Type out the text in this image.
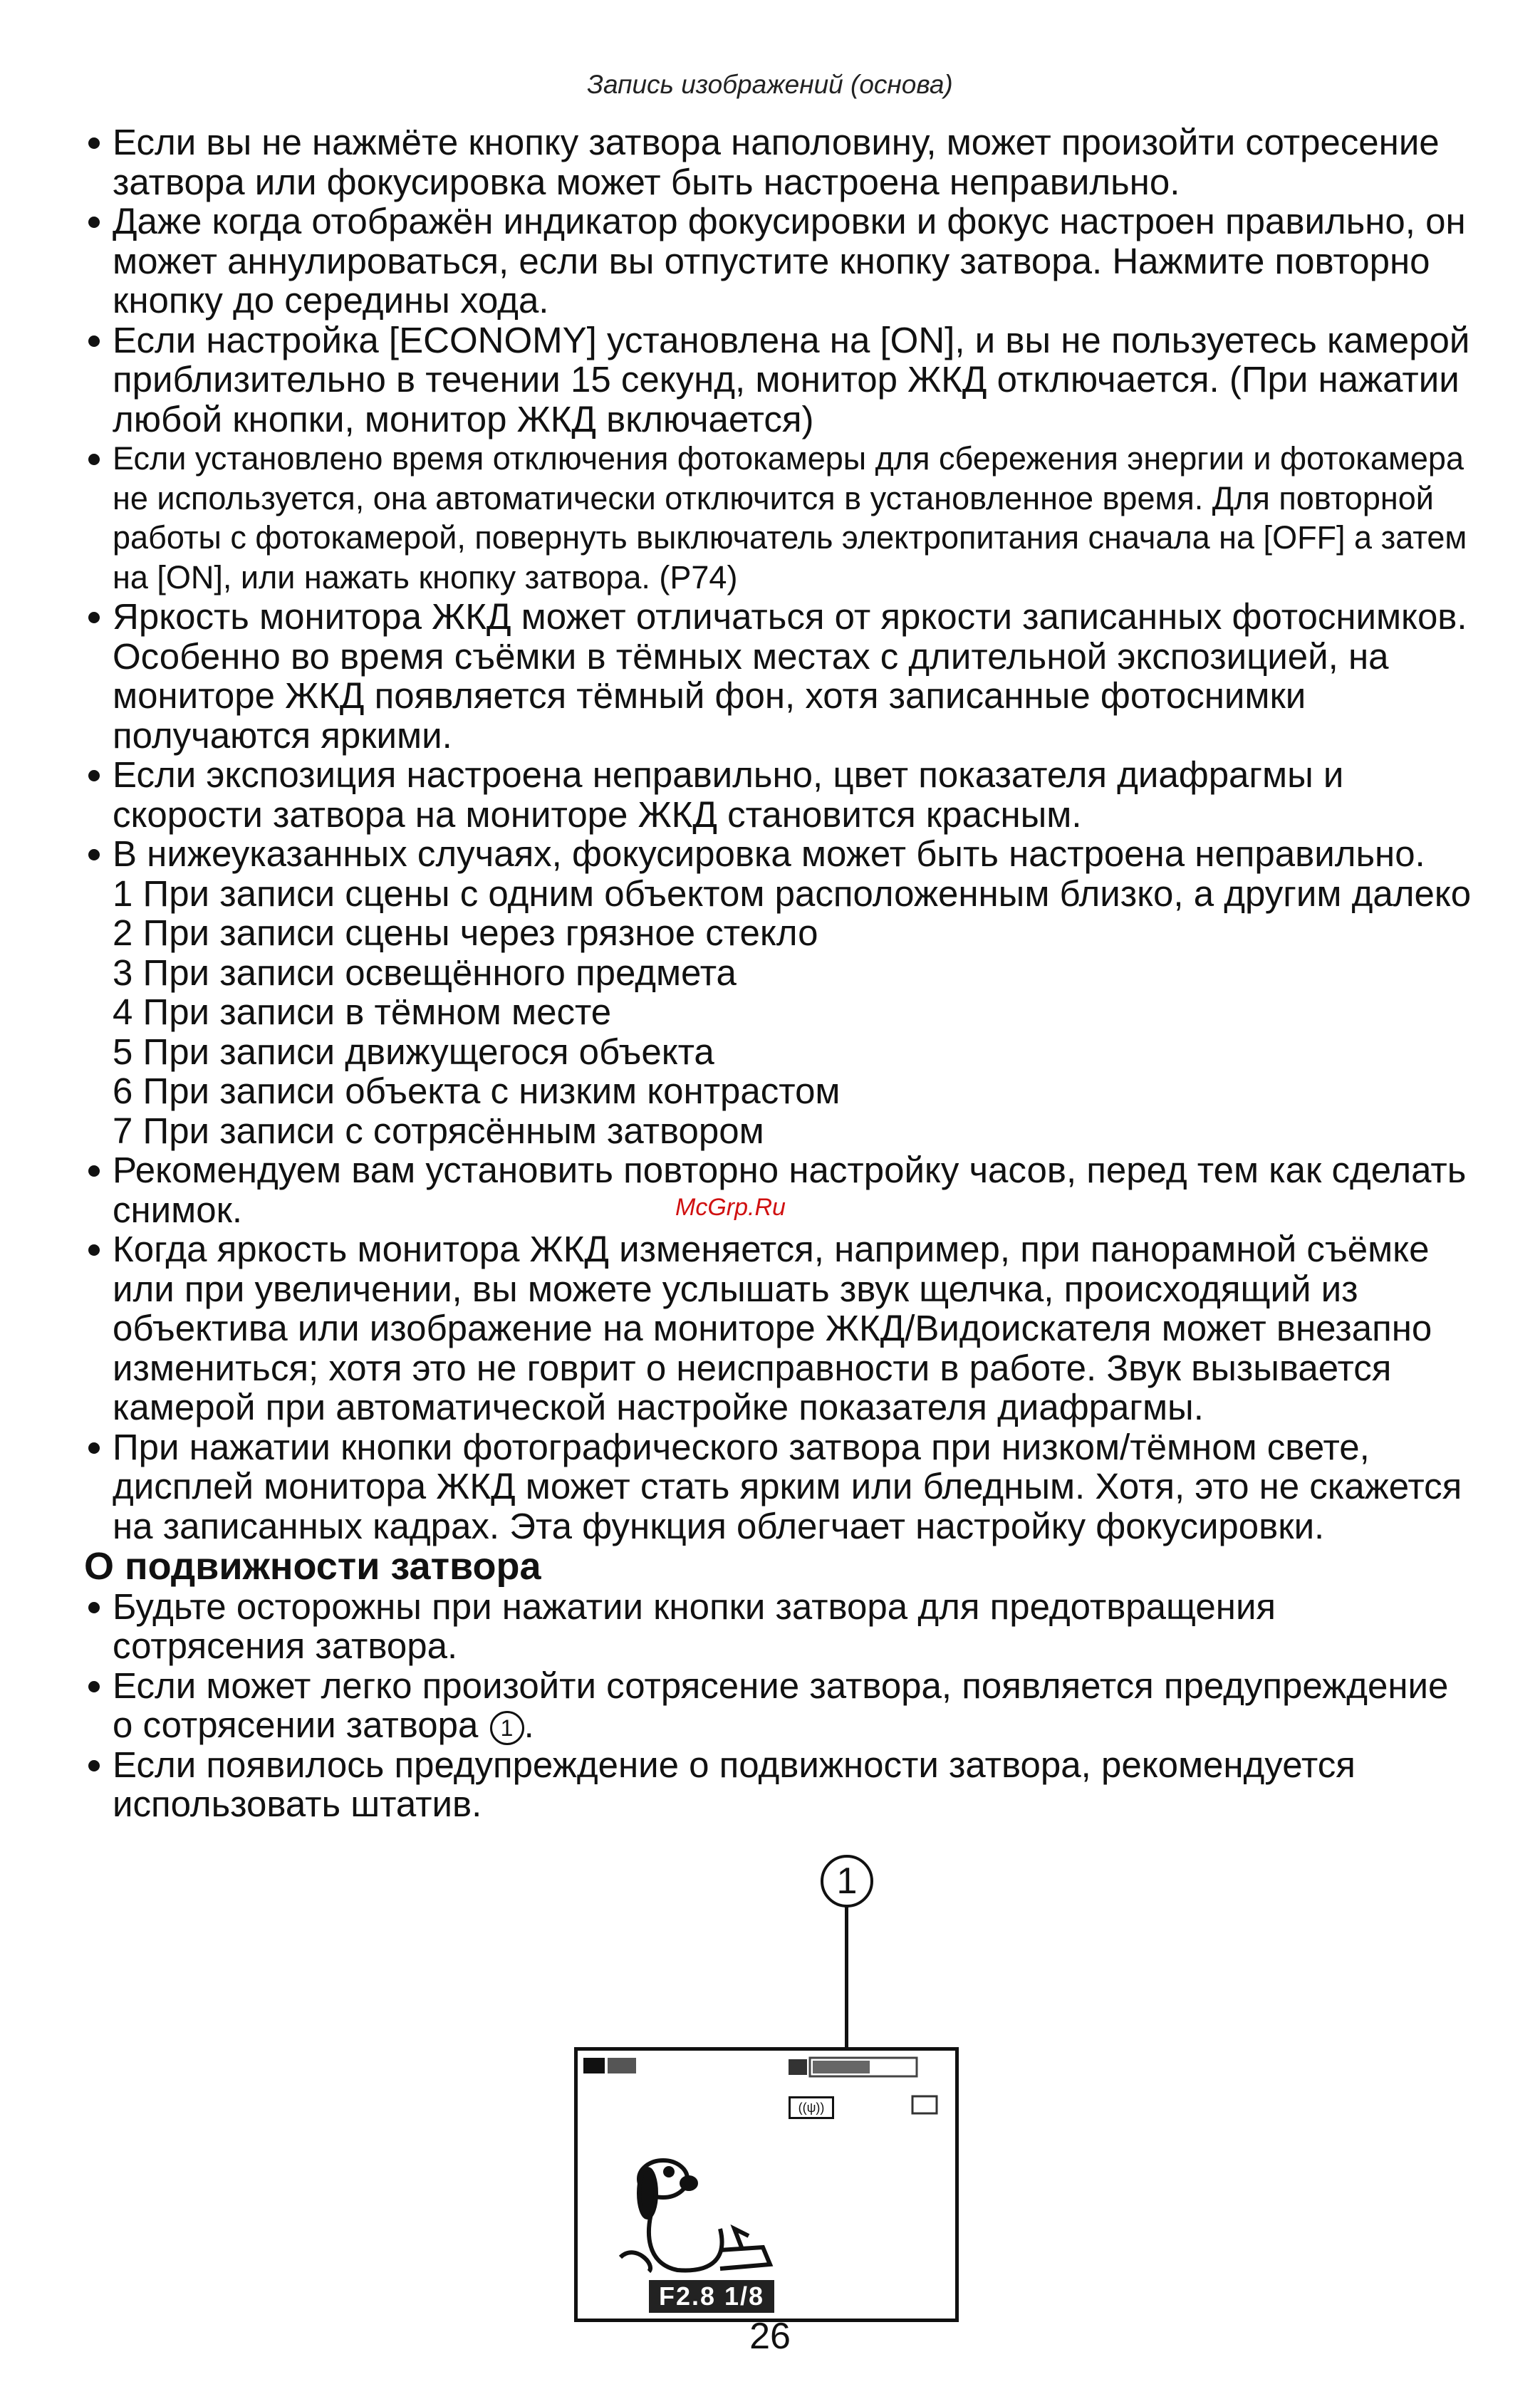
Запись изображений (основа)
Если вы не нажмёте кнопку затвора наполовину, может произойти сотресение затвора или фокусировка может быть настроена неправильно.
Даже когда отображён индикатор фокусировки и фокус настроен правильно, он может аннулироваться, если вы отпустите кнопку затвора. Нажмите повторно кнопку до середины хода.
Если настройка [ECONOMY] установлена на [ON], и вы не пользуетесь камерой приблизительно в течении 15 секунд, монитор ЖКД отключается. (При нажатии любой кнопки, монитор ЖКД включается)
Если установлено время отключения фотокамеры для сбережения энергии и фотокамера не используется, она автоматически отключится в установленное время. Для повторной работы с фотокамерой, повернуть выключатель электропитания сначала на [OFF] а затем на [ON], или нажать кнопку затвора. (P74)
Яркость монитора ЖКД может отличаться от яркости записанных фотоснимков. Особенно во время съёмки в тёмных местах с длительной экспозицией, на мониторе ЖКД появляется тёмный фон, хотя записанные фотоснимки получаются яркими.
Если экспозиция настроена неправильно, цвет показателя диафрагмы и скорости затвора на мониторе ЖКД становится красным.
В нижеуказанных случаях, фокусировка может быть настроена неправильно.
1 При записи сцены с одним объектом расположенным близко, а другим далеко
2 При записи сцены через грязное стекло
3 При записи освещённого предмета
4 При записи в тёмном месте
5 При записи движущегося объекта
6 При записи объекта с низким контрастом
7 При записи с сотрясённым затвором
Рекомендуем вам установить повторно настройку часов, перед тем как сделать снимок.
Когда яркость монитора ЖКД изменяется, например, при панорамной съёмке или при увеличении, вы можете услышать звук щелчка, происходящий из объектива или изображение на мониторе ЖКД/Видоискателя может внезапно измениться; хотя это не говрит о неисправности в работе. Звук вызывается камерой при автоматической настройке показателя диафрагмы.
При нажатии кнопки фотографического затвора при низком/тёмном свете, дисплей монитора ЖКД может стать ярким или бледным. Хотя, это не скажется на записанных кадрах. Эта функция облегчает настройку фокусировки.
О подвижности затвора
Будьте осторожны при нажатии кнопки затвора для предотвращения сотрясения затвора.
Если может легко произойти сотрясение затвора, появляется предупреждение о сотрясении затвора 1 .
Если появилось предупреждение о подвижности затвора, рекомендуется использовать штатив.
McGrp.Ru
1
((ψ))
F2.8 1/8
26
